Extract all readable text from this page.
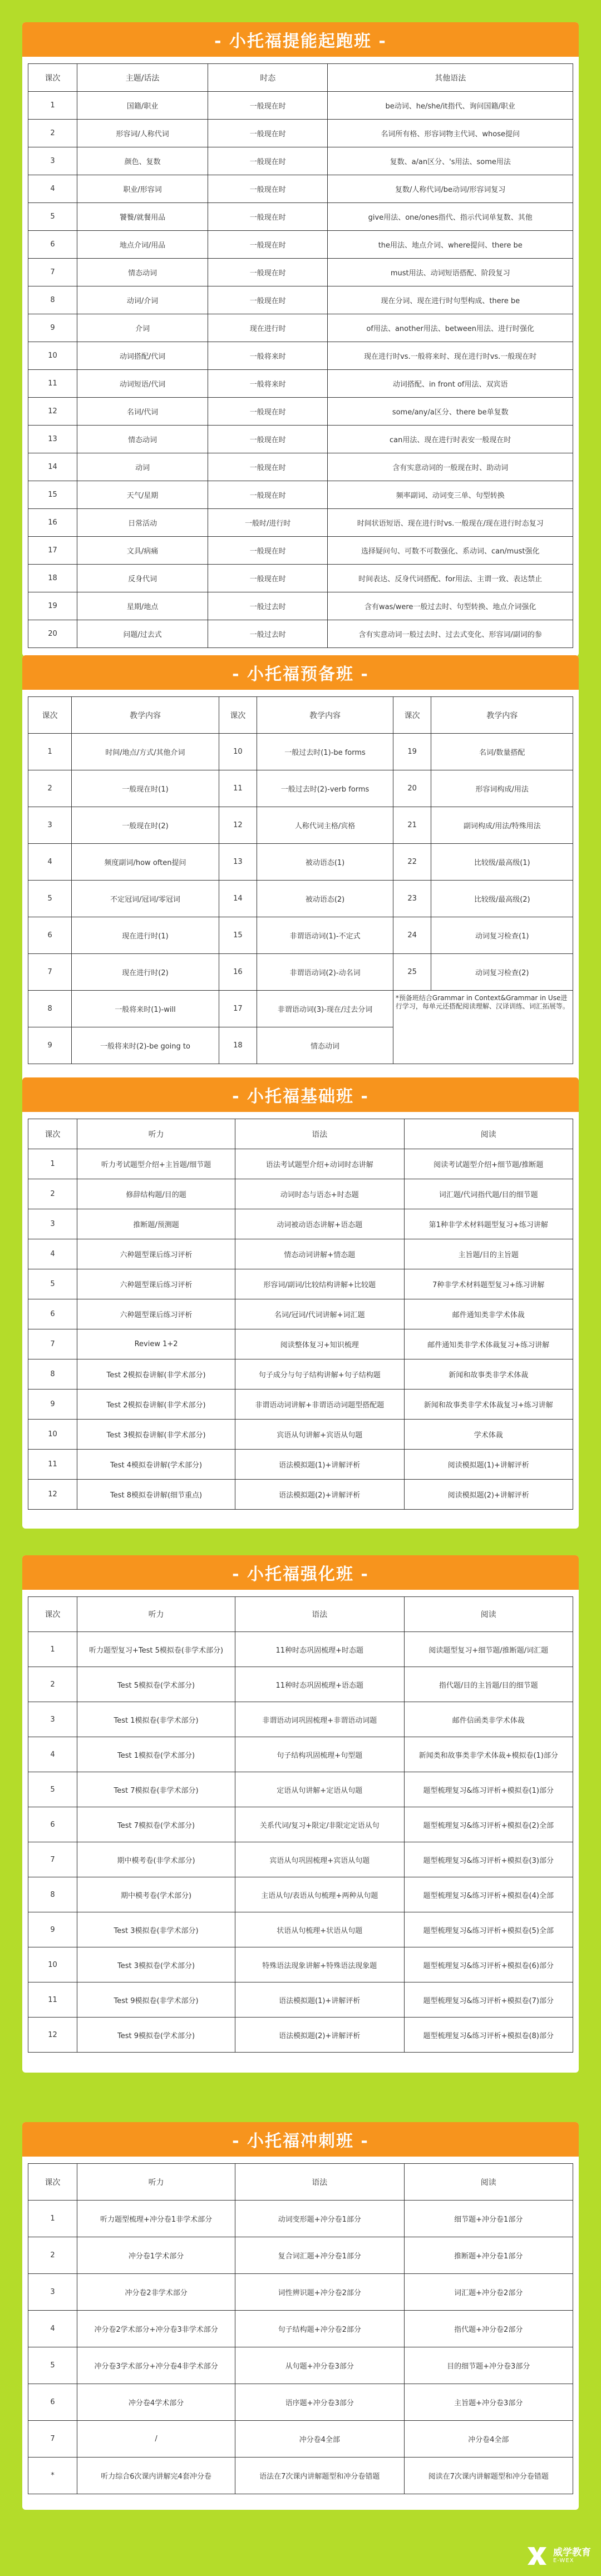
- 小托福提能起跑班 -
课次	主题/话法	时态	其他语法
1	国籍/职业	一般现在时	be动词、he/she/it指代、询问国籍/职业
2	形容词/人称代词	一般现在时	名词所有格、形容词物主代词、whose提问
3	颜色、复数	一般现在时	复数、a/an区分、's用法、some用法
4	职业/形容词	一般现在时	复数/人称代词/be动词/形容词复习
5	饕餮/就餐用品	一般现在时	give用法、one/ones指代、指示代词单复数、其他
6	地点介词/用品	一般现在时	the用法、地点介词、where提问、there be
7	情态动词	一般现在时	must用法、动词短语搭配、阶段复习
8	动词/介词	一般现在时	现在分词、现在进行时句型构成、there be
9	介词	现在进行时	of用法、another用法、between用法、进行时强化
10	动词搭配/代词	一般将来时	现在进行时vs.一般将来时、现在进行时vs.一般现在时
11	动词短语/代词	一般将来时	动词搭配、in front of用法、双宾语
12	名词/代词	一般现在时	some/any/a区分、there be单复数
13	情态动词	一般现在时	can用法、现在进行时表安一般现在时
14	动词	一般现在时	含有实意动词的一般现在时、助动词
15	天气/星期	一般现在时	频率副词、动词变三单、句型转换
16	日常活动	一般时/进行时	时间状语短语、现在进行时vs.一般现在/现在进行时态复习
17	文具/病痛	一般现在时	选择疑问句、可数不可数强化、系动词、can/must强化
18	反身代词	一般现在时	时间表达、反身代词搭配、for用法、主谓一致、表达禁止
19	星期/地点	一般过去时	含有was/were一般过去时、句型转换、地点介词强化
20	问题/过去式	一般过去时	含有实意动词一般过去时、过去式变化、形容词/副词的参
- 小托福预备班 -
课次	教学内容	课次	教学内容	课次	教学内容
1	时间/地点/方式/其他介词	10	一般过去时(1)-be forms	19	名词/数量搭配
2	一般现在时(1)	11	一般过去时(2)-verb forms	20	形容词构成/用法
3	一般现在时(2)	12	人称代词主格/宾格	21	副词构成/用法/特殊用法
4	频度副词/how often提问	13	被动语态(1)	22	比较级/最高级(1)
5	不定冠词/冠词/零冠词	14	被动语态(2)	23	比较级/最高级(2)
6	现在进行时(1)	15	非谓语动词(1)-不定式	24	动词复习检查(1)
7	现在进行时(2)	16	非谓语动词(2)-动名词	25	动词复习检查(2)
8	一般将来时(1)-will	17	非谓语动词(3)-现在/过去分词	*预备班结合Grammar in Context&Grammar in Use进行学习，每单元还搭配阅读理解、汉译训练、词汇拓展等。	
9	一般将来时(2)-be going to	18	情态动词		
- 小托福基础班 -
课次	听力	语法	阅读
1	听力考试题型介绍+主旨题/细节题	语法考试题型介绍+动词时态讲解	阅读考试题型介绍+细节题/推断题
2	修辞结构题/目的题	动词时态与语态+时态题	词汇题/代词指代题/目的细节题
3	推断题/预测题	动词被动语态讲解+语态题	第1种非学术材料题型复习+练习讲解
4	六种题型课后练习评析	情态动词讲解+情态题	主旨题/目的主旨题
5	六种题型课后练习评析	形容词/副词/比较结构讲解+比较题	7种非学术材料题型复习+练习讲解
6	六种题型课后练习评析	名词/冠词/代词讲解+词汇题	邮件通知类非学术体裁
7	Review 1+2	阅读整体复习+知识梳理	邮件通知类非学术体裁复习+练习讲解
8	Test 2模拟卷讲解(非学术部分)	句子成分与句子结构讲解+句子结构题	新闻和故事类非学术体裁
9	Test 2模拟卷讲解(非学术部分)	非谓语动词讲解+非谓语动词题型搭配题	新闻和故事类非学术体裁复习+练习讲解
10	Test 3模拟卷讲解(非学术部分)	宾语从句讲解+宾语从句题	学术体裁
11	Test 4模拟卷讲解(学术部分)	语法模拟题(1)+讲解评析	阅读模拟题(1)+讲解评析
12	Test 8模拟卷讲解(细节重点)	语法模拟题(2)+讲解评析	阅读模拟题(2)+讲解评析
- 小托福强化班 -
课次	听力	语法	阅读
1	听力题型复习+Test 5模拟卷(非学术部分)	11种时态巩固梳理+时态题	阅读题型复习+细节题/推断题/词汇题
2	Test 5模拟卷(学术部分)	11种时态巩固梳理+语态题	指代题/目的主旨题/目的细节题
3	Test 1模拟卷(非学术部分)	非谓语动词巩固梳理+非谓语动词题	邮件信函类非学术体裁
4	Test 1模拟卷(学术部分)	句子结构巩固梳理+句型题	新闻类和故事类非学术体裁+模拟卷(1)部分
5	Test 7模拟卷(非学术部分)	定语从句讲解+定语从句题	题型梳理复习&练习评析+模拟卷(1)部分
6	Test 7模拟卷(学术部分)	关系代词/复习+限定/非限定定语从句	题型梳理复习&练习评析+模拟卷(2)全部
7	期中模考卷(非学术部分)	宾语从句巩固梳理+宾语从句题	题型梳理复习&练习评析+模拟卷(3)部分
8	期中模考卷(学术部分)	主语从句/表语从句梳理+两种从句题	题型梳理复习&练习评析+模拟卷(4)全部
9	Test 3模拟卷(非学术部分)	状语从句梳理+状语从句题	题型梳理复习&练习评析+模拟卷(5)全部
10	Test 3模拟卷(学术部分)	特殊语法现象讲解+特殊语法现象题	题型梳理复习&练习评析+模拟卷(6)部分
11	Test 9模拟卷(非学术部分)	语法模拟题(1)+讲解评析	题型梳理复习&练习评析+模拟卷(7)部分
12	Test 9模拟卷(学术部分)	语法模拟题(2)+讲解评析	题型梳理复习&练习评析+模拟卷(8)部分
- 小托福冲刺班 -
课次	听力	语法	阅读
1	听力题型梳理+冲分卷1非学术部分	动词变形题+冲分卷1部分	细节题+冲分卷1部分
2	冲分卷1学术部分	复合词汇题+冲分卷1部分	推断题+冲分卷1部分
3	冲分卷2非学术部分	词性辨识题+冲分卷2部分	词汇题+冲分卷2部分
4	冲分卷2学术部分+冲分卷3非学术部分	句子结构题+冲分卷2部分	指代题+冲分卷2部分
5	冲分卷3学术部分+冲分卷4非学术部分	从句题+冲分卷3部分	目的细节题+冲分卷3部分
6	冲分卷4学术部分	语序题+冲分卷3部分	主旨题+冲分卷3部分
7	/	冲分卷4全部	冲分卷4全部
*	听力综合6次课内讲解完4套冲分卷	语法在7次课内讲解题型和冲分卷错题	阅读在7次课内讲解题型和冲分卷错题
威学教育
E-WEX
